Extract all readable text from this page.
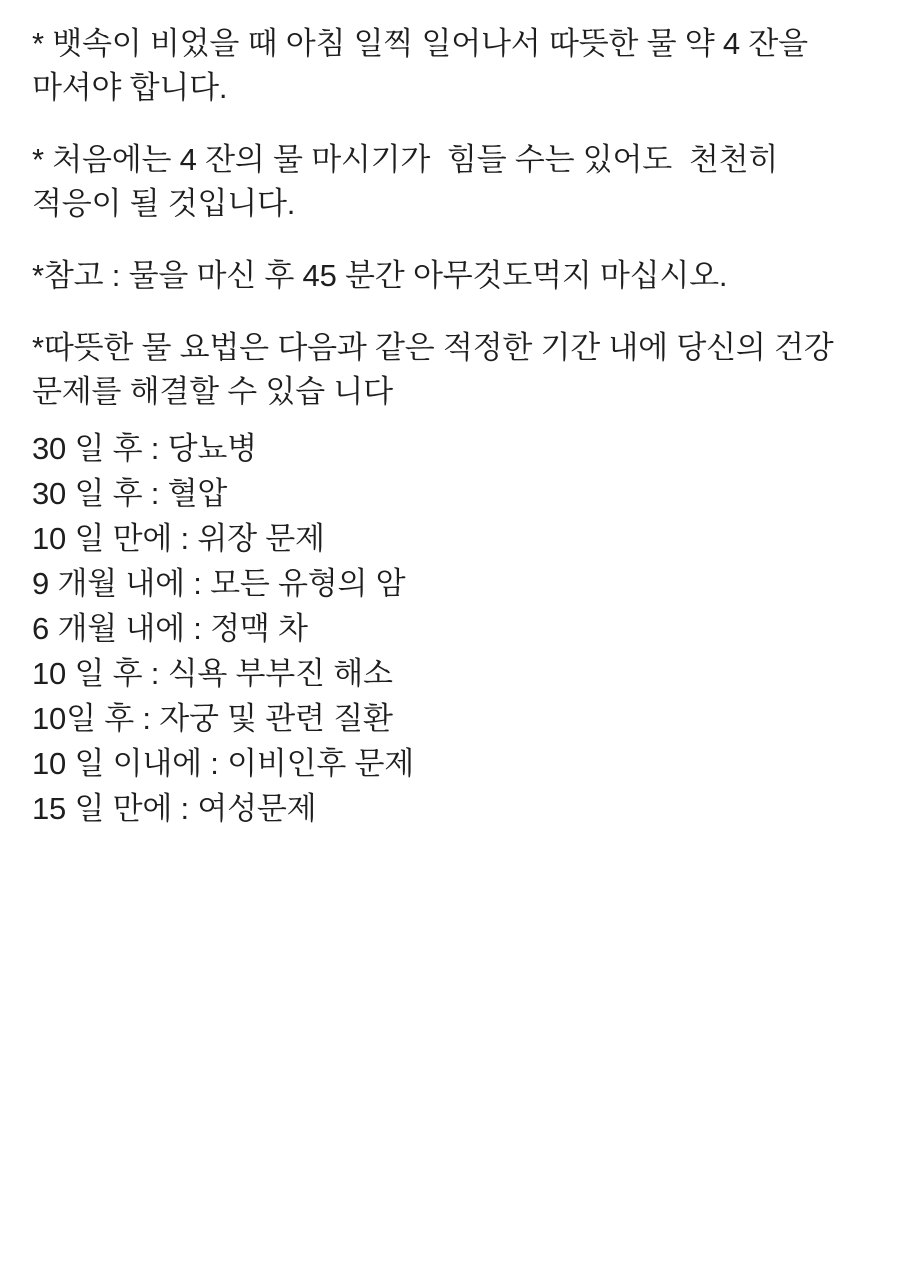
* 뱃속이 비었을 때 아침 일찍 일어나서 따뜻한 물 약 4 잔을 마셔야 합니다.

* 처음에는 4 잔의 물 마시기가  힘들 수는 있어도  천천히 적응이 될 것입니다.

*참고 : 물을 마신 후 45 분간 아무것도먹지 마십시오.

*따뜻한 물 요법은 다음과 같은 적정한 기간 내에 당신의 건강 문제를 해결할 수 있습 니다

30 일 후 : 당뇨병
30 일 후 : 혈압
10 일 만에 : 위장 문제
9 개월 내에 : 모든 유형의 암
6 개월 내에 : 정맥 차
10 일 후 : 식욕 부부진 해소
10일 후 : 자궁 및 관련 질환
10 일 이내에 : 이비인후 문제
15 일 만에 : 여성문제
